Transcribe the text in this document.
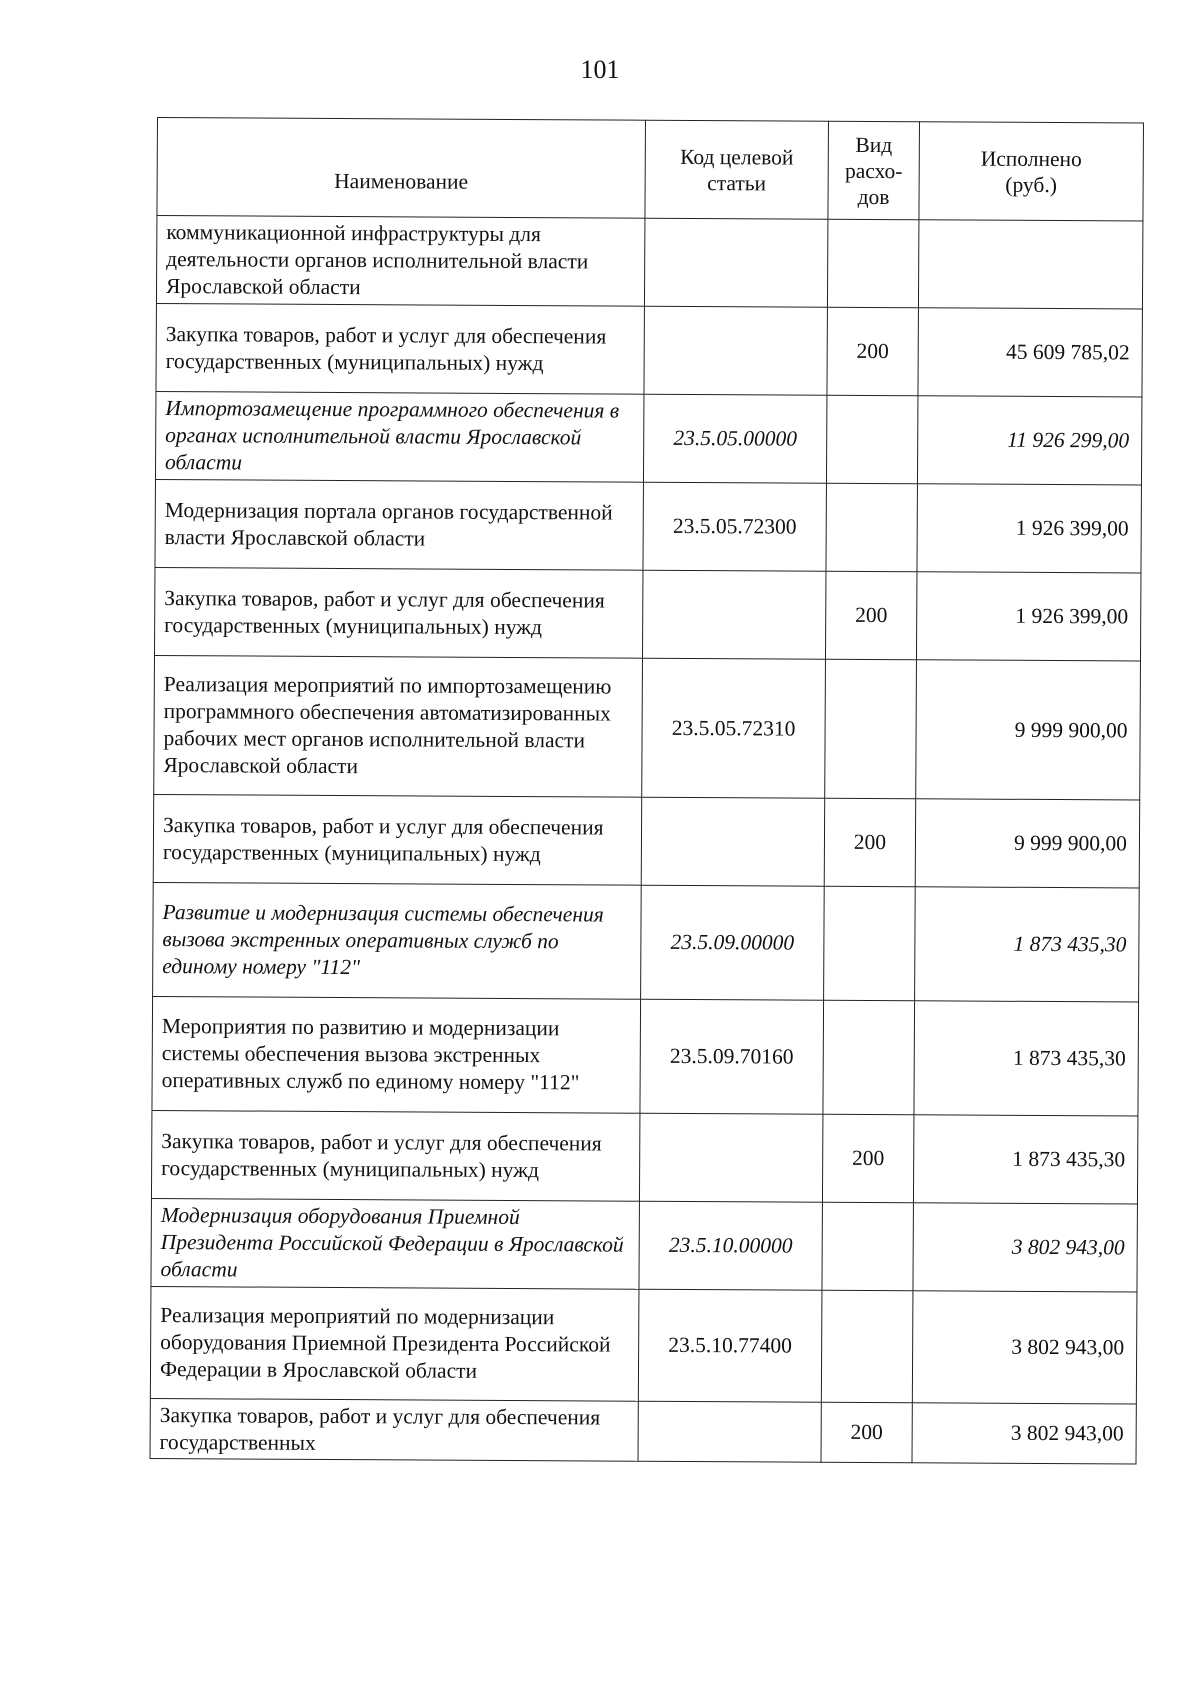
101
Наименование	Код целевой статьи	Вид расхо-дов	Исполнено (руб.)
коммуникационной инфраструктуры для деятельности органов исполнительной власти Ярославской области			
Закупка товаров, работ и услуг для обеспечения государственных (муниципальных) нужд		200	45 609 785,02
Импортозамещение программного обеспечения в органах исполнительной власти Ярославской области	23.5.05.00000		11 926 299,00
Модернизация портала органов государственной власти Ярославской области	23.5.05.72300		1 926 399,00
Закупка товаров, работ и услуг для обеспечения государственных (муниципальных) нужд		200	1 926 399,00
Реализация мероприятий по импортозамещению программного обеспечения автоматизированных рабочих мест органов исполнительной власти Ярославской области	23.5.05.72310		9 999 900,00
Закупка товаров, работ и услуг для обеспечения государственных (муниципальных) нужд		200	9 999 900,00
Развитие и модернизация системы обеспечения вызова экстренных оперативных служб по единому номеру "112"	23.5.09.00000		1 873 435,30
Мероприятия по развитию и модернизации системы обеспечения вызова экстренных оперативных служб по единому номеру "112"	23.5.09.70160		1 873 435,30
Закупка товаров, работ и услуг для обеспечения государственных (муниципальных) нужд		200	1 873 435,30
Модернизация оборудования Приемной Президента Российской Федерации в Ярославской области	23.5.10.00000		3 802 943,00
Реализация мероприятий по модернизации оборудования Приемной Президента Российской Федерации в Ярославской области	23.5.10.77400		3 802 943,00
Закупка товаров, работ и услуг для обеспечения государственных		200	3 802 943,00
